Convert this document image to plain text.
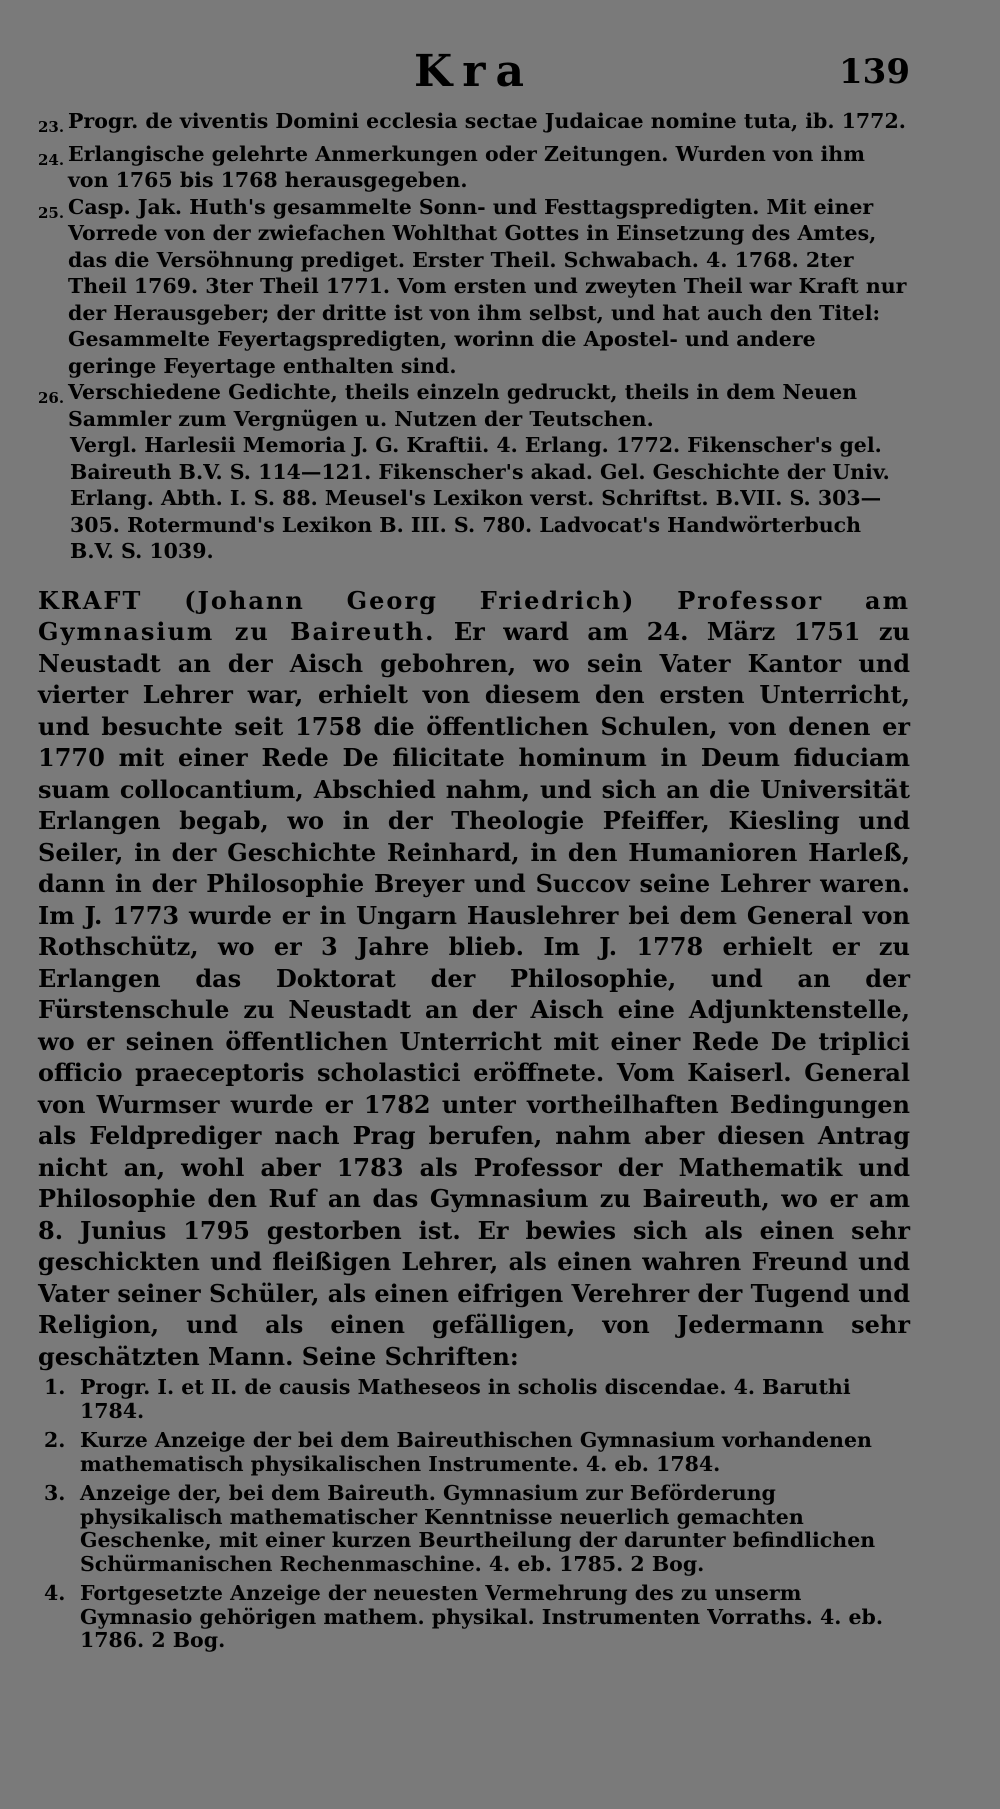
Kra	139
23. Progr. de viventis Domini ecclesia sectae Judaicae nomine tuta, ib. 1772.
24. Erlangische gelehrte Anmerkungen oder Zeitungen. Wurden von ihm von 1765 bis 1768 herausgegeben.
25. Casp. Jak. Huth's gesammelte Sonn- und Festtagspredigten. Mit einer Vorrede von der zwiefachen Wohlthat Gottes in Einsetzung des Amtes, das die Versöhnung prediget. Erster Theil. Schwabach. 4. 1768. 2ter Theil 1769. 3ter Theil 1771. Vom ersten und zweyten Theil war Kraft nur der Herausgeber; der dritte ist von ihm selbst, und hat auch den Titel: Gesammelte Feyertagspredigten, worinn die Apostel- und andere geringe Feyertage enthalten sind.
26. Verschiedene Gedichte, theils einzeln gedruckt, theils in dem Neuen Sammler zum Vergnügen u. Nutzen der Teutschen.
Vergl. Harlesii Memoria J. G. Kraftii. 4. Erlang. 1772. Fikenscher's gel. Baireuth B.V. S. 114—121. Fikenscher's akad. Gel. Geschichte der Univ. Erlang. Abth. I. S. 88. Meusel's Lexikon verst. Schriftst. B.VII. S. 303—305. Rotermund's Lexikon B. III. S. 780. Ladvocat's Handwörterbuch B.V. S. 1039.
KRAFT (Johann Georg Friedrich) Professor am Gymnasium zu Baireuth. Er ward am 24. März 1751 zu Neustadt an der Aisch gebohren, wo sein Vater Kantor und vierter Lehrer war, erhielt von diesem den ersten Unterricht, und besuchte seit 1758 die öffentlichen Schulen, von denen er 1770 mit einer Rede De filicitate hominum in Deum fiduciam suam collocantium, Abschied nahm, und sich an die Universität Erlangen begab, wo in der Theologie Pfeiffer, Kiesling und Seiler, in der Geschichte Reinhard, in den Humanioren Harleß, dann in der Philosophie Breyer und Succov seine Lehrer waren. Im J. 1773 wurde er in Ungarn Hauslehrer bei dem General von Rothschütz, wo er 3 Jahre blieb. Im J. 1778 erhielt er zu Erlangen das Doktorat der Philosophie, und an der Fürstenschule zu Neustadt an der Aisch eine Adjunktenstelle, wo er seinen öffentlichen Unterricht mit einer Rede De triplici officio praeceptoris scholastici eröffnete. Vom Kaiserl. General von Wurmser wurde er 1782 unter vortheilhaften Bedingungen als Feldprediger nach Prag berufen, nahm aber diesen Antrag nicht an, wohl aber 1783 als Professor der Mathematik und Philosophie den Ruf an das Gymnasium zu Baireuth, wo er am 8. Junius 1795 gestorben ist. Er bewies sich als einen sehr geschickten und fleißigen Lehrer, als einen wahren Freund und Vater seiner Schüler, als einen eifrigen Verehrer der Tugend und Religion, und als einen gefälligen, von Jedermann sehr geschätzten Mann. Seine Schriften:
1. Progr. I. et II. de causis Matheseos in scholis discendae. 4. Baruthi 1784.
2. Kurze Anzeige der bei dem Baireuthischen Gymnasium vorhandenen mathematisch physikalischen Instrumente. 4. eb. 1784.
3. Anzeige der, bei dem Baireuth. Gymnasium zur Beförderung physikalisch mathematischer Kenntnisse neuerlich gemachten Geschenke, mit einer kurzen Beurtheilung der darunter befindlichen Schürmanischen Rechenmaschine. 4. eb. 1785. 2 Bog.
4. Fortgesetzte Anzeige der neuesten Vermehrung des zu unserm Gymnasio gehörigen mathem. physikal. Instrumenten Vorraths. 4. eb. 1786. 2 Bog.
